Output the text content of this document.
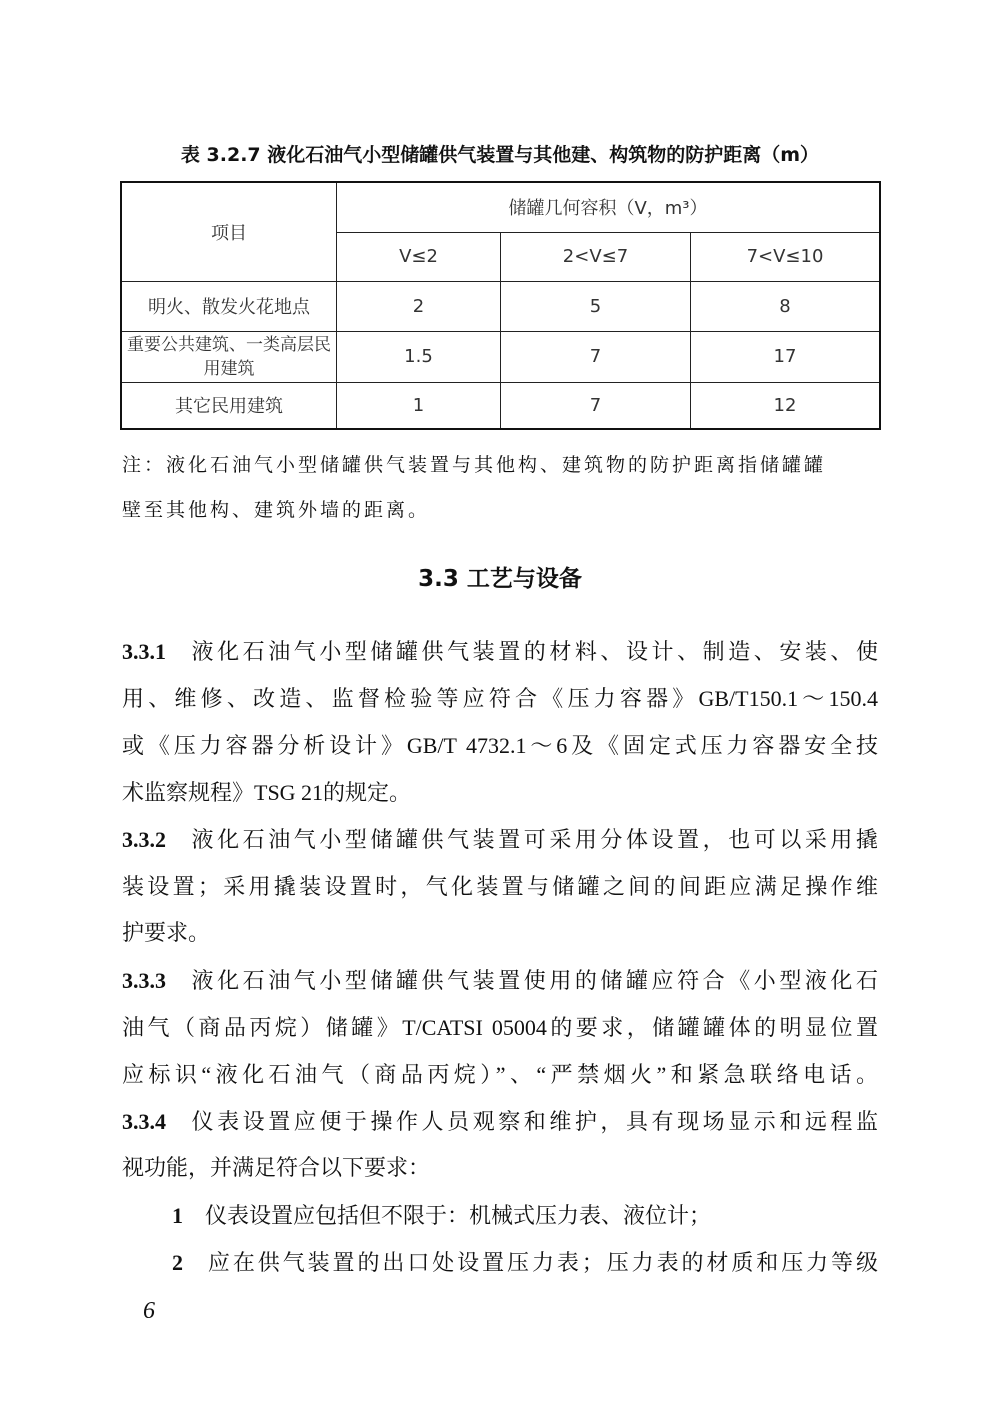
表 3.2.7 液化石油气小型储罐供气装置与其他建、构筑物的防护距离（m）
项目	储罐几何容积（V，m³）		
	V≤2	2<V≤7	7<V≤10
明火、散发火花地点	2	5	8
重要公共建筑、一类高层民用建筑	1.5	7	17
其它民用建筑	1	7	12
注：液化石油气小型储罐供气装置与其他构、建筑物的防护距离指储罐罐
壁至其他构、建筑外墙的距离。
3.3 工艺与设备
3.3.1 液化石油气小型储罐供气装置的材料、设计、制造、安装、使
用、维修、改造、监督检验等应符合《压力容器》GB/T150.1～150.4
或《压力容器分析设计》GB/T 4732.1～6及《固定式压力容器安全技
术监察规程》TSG 21的规定。
3.3.2 液化石油气小型储罐供气装置可采用分体设置，也可以采用撬
装设置；采用撬装设置时，气化装置与储罐之间的间距应满足操作维
护要求。
3.3.3 液化石油气小型储罐供气装置使用的储罐应符合《小型液化石
油气（商品丙烷）储罐》T/CATSI 05004的要求，储罐罐体的明显位置
应标识“液化石油气（商品丙烷）”、“严禁烟火”和紧急联络电话。
3.3.4 仪表设置应便于操作人员观察和维护，具有现场显示和远程监
视功能，并满足符合以下要求：
1 仪表设置应包括但不限于：机械式压力表、液位计；
2 应在供气装置的出口处设置压力表；压力表的材质和压力等级
6
